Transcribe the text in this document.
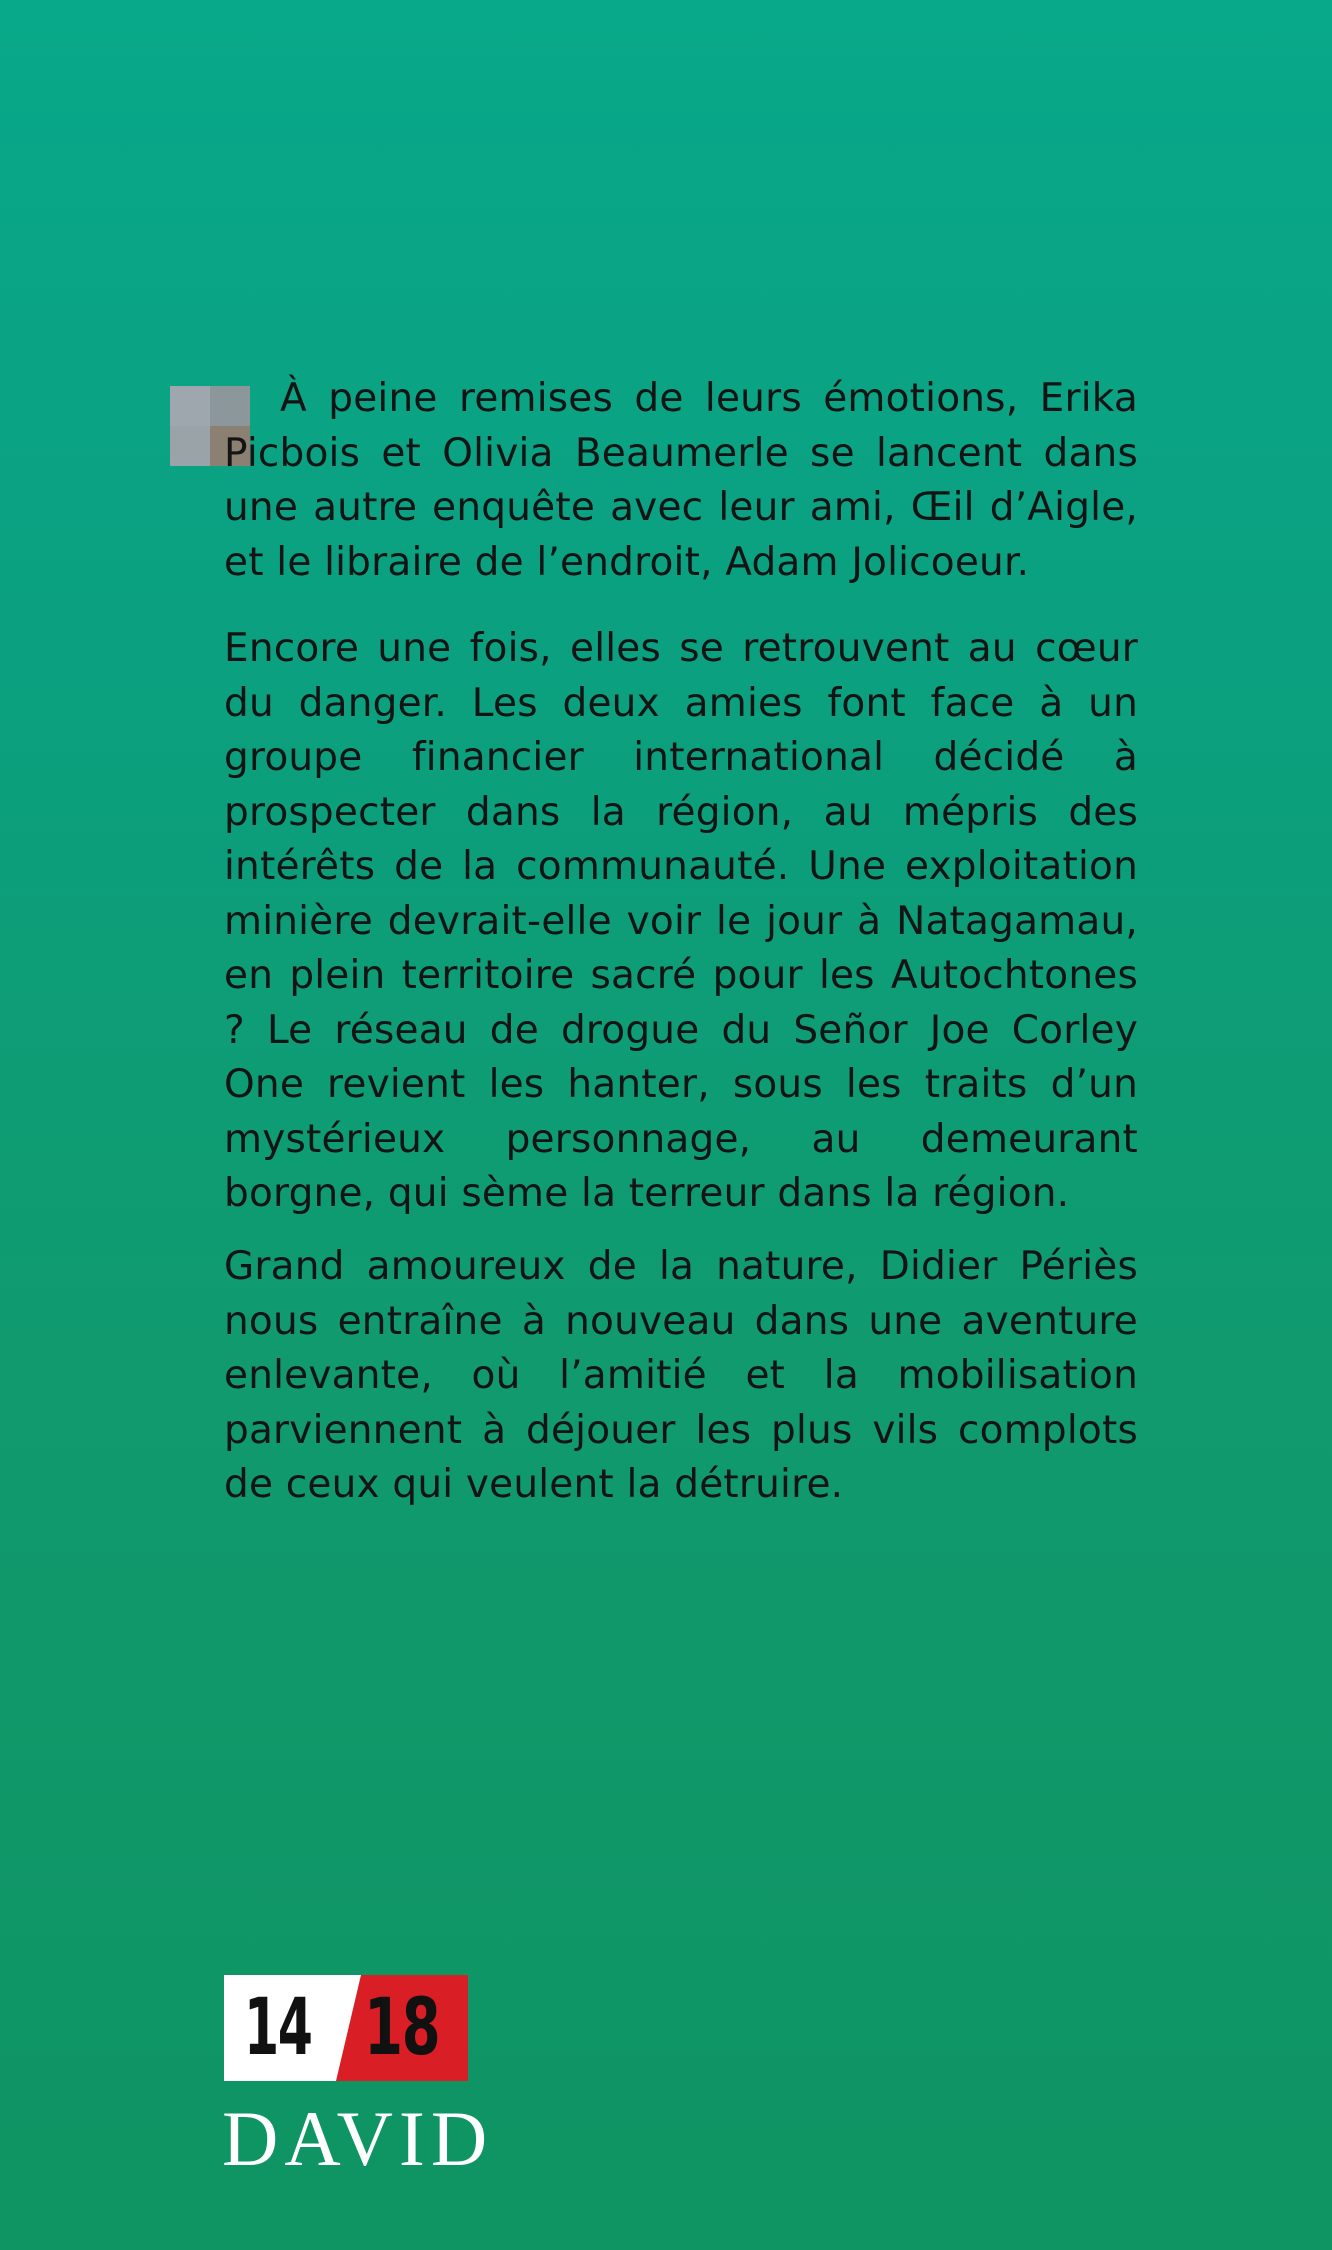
À peine remises de leurs émotions, Erika Picbois et Olivia Beaumerle se lancent dans une autre enquête avec leur ami, Œil d’Aigle, et le libraire de l’endroit, Adam Jolicoeur.

Encore une fois, elles se retrouvent au cœur du danger. Les deux amies font face à un groupe financier international décidé à prospecter dans la région, au mépris des intérêts de la communauté. Une exploitation minière devrait-elle voir le jour à Natagamau, en plein territoire sacré pour les Autochtones ? Le réseau de drogue du Señor Joe Corley One revient les hanter, sous les traits d’un mystérieux personnage, au demeurant borgne, qui sème la terreur dans la région.

Grand amoureux de la nature, Didier Périès nous entraîne à nouveau dans une aventure enlevante, où l’amitié et la mobilisation parviennent à déjouer les plus vils complots de ceux qui veulent la détruire.

14 18
DAVID
